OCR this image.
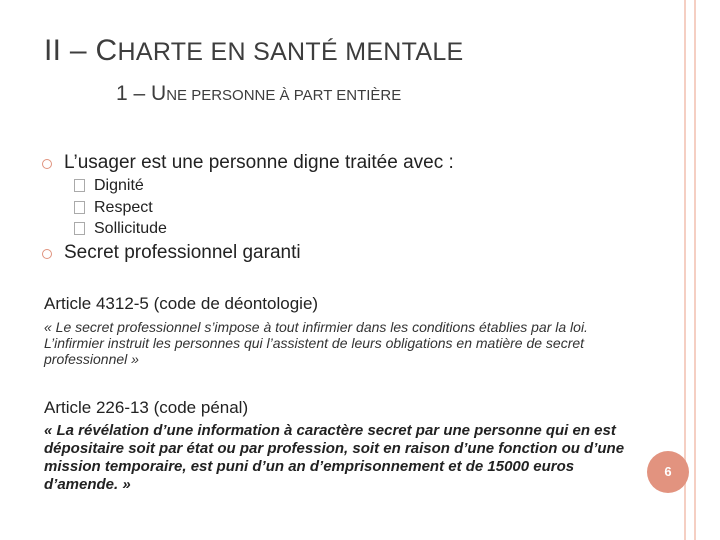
II – CHARTE EN SANTÉ MENTALE
1 – UNE PERSONNE À PART ENTIÈRE
L’usager est une personne digne traitée avec :
Dignité
Respect
Sollicitude
Secret professionnel garanti

Article 4312-5 (code de déontologie)

« Le secret professionnel s’impose à tout infirmier dans les conditions établies par la loi. L’infirmier instruit les personnes qui l’assistent de leurs obligations en matière de secret professionnel »

Article 226-13 (code pénal)

« La révélation d’une information à caractère secret par une personne qui en est dépositaire soit par état ou par profession, soit en raison d’une fonction ou d’une mission temporaire, est puni d’un an d’emprisonnement et de 15000 euros d’amende. »

6
